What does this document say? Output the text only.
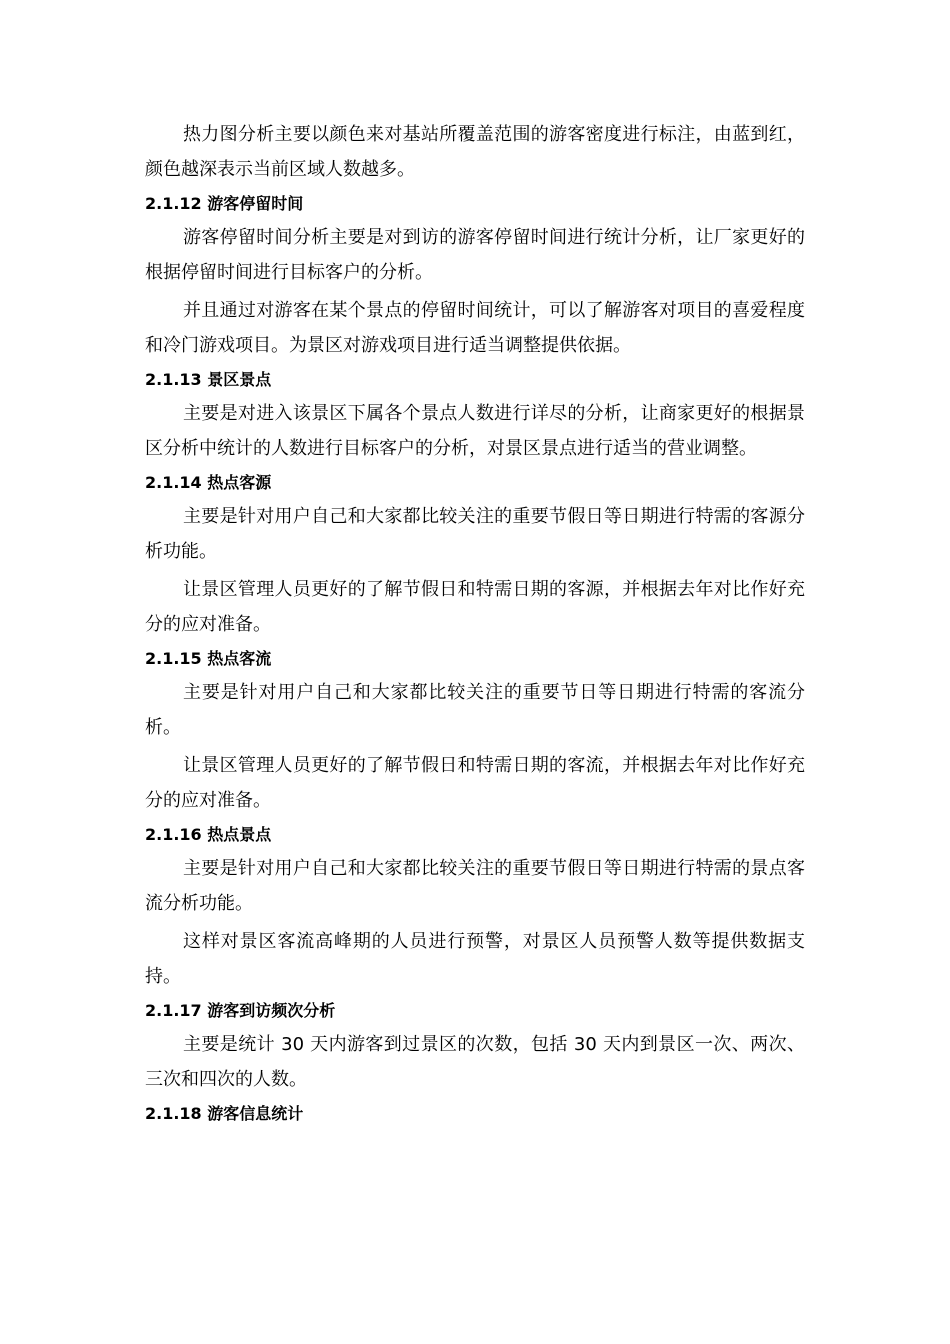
热力图分析主要以颜色来对基站所覆盖范围的游客密度进行标注，由蓝到红，颜色越深表示当前区域人数越多。

2.1.12 游客停留时间

游客停留时间分析主要是对到访的游客停留时间进行统计分析，让厂家更好的根据停留时间进行目标客户的分析。

并且通过对游客在某个景点的停留时间统计，可以了解游客对项目的喜爱程度和冷门游戏项目。为景区对游戏项目进行适当调整提供依据。

2.1.13 景区景点

主要是对进入该景区下属各个景点人数进行详尽的分析，让商家更好的根据景区分析中统计的人数进行目标客户的分析，对景区景点进行适当的营业调整。

2.1.14 热点客源

主要是针对用户自己和大家都比较关注的重要节假日等日期进行特需的客源分析功能。

让景区管理人员更好的了解节假日和特需日期的客源，并根据去年对比作好充分的应对准备。

2.1.15 热点客流

主要是针对用户自己和大家都比较关注的重要节日等日期进行特需的客流分析。

让景区管理人员更好的了解节假日和特需日期的客流，并根据去年对比作好充分的应对准备。

2.1.16 热点景点

主要是针对用户自己和大家都比较关注的重要节假日等日期进行特需的景点客流分析功能。

这样对景区客流高峰期的人员进行预警，对景区人员预警人数等提供数据支持。

2.1.17 游客到访频次分析

主要是统计 30 天内游客到过景区的次数，包括 30 天内到景区一次、两次、三次和四次的人数。

2.1.18 游客信息统计
